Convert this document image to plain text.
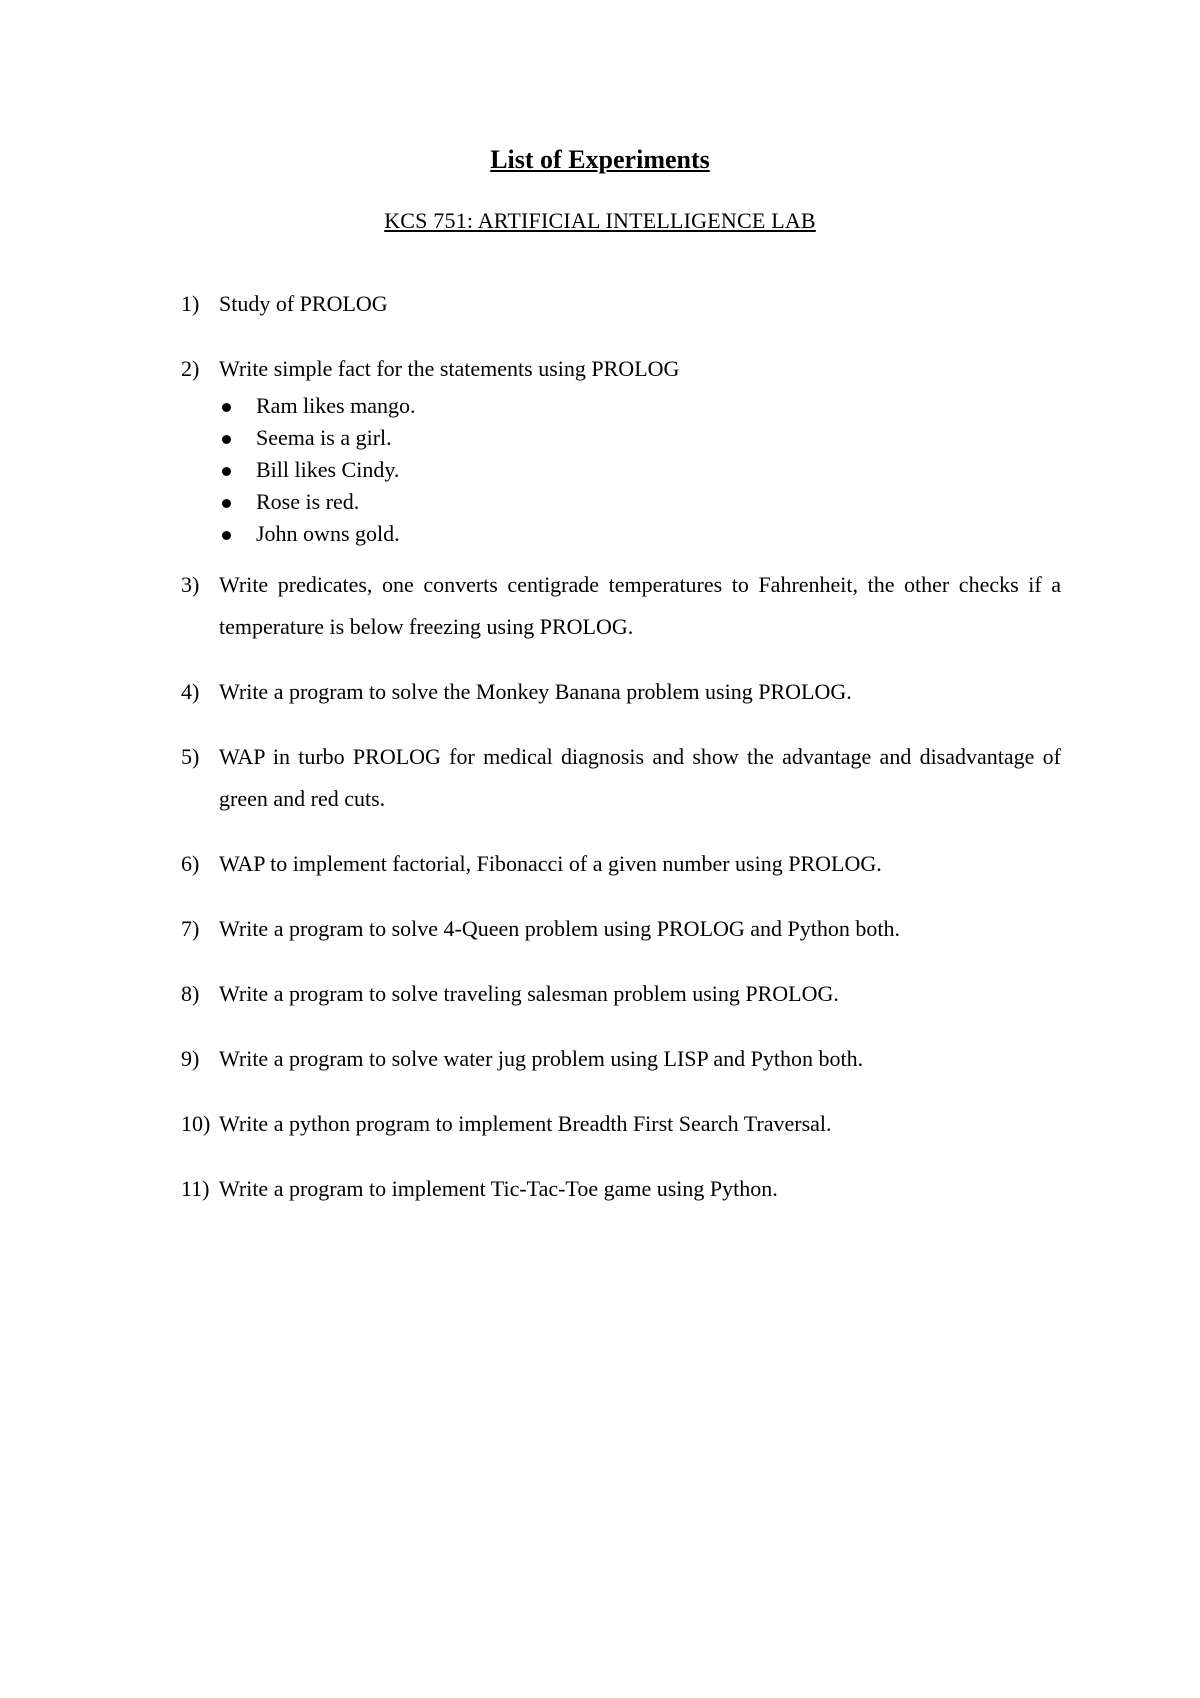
List of Experiments
KCS 751: ARTIFICIAL INTELLIGENCE LAB
1) Study of PROLOG
2) Write simple fact for the statements using PROLOG
Ram likes mango.
Seema is a girl.
Bill likes Cindy.
Rose is red.
John owns gold.
3) Write predicates, one converts centigrade temperatures to Fahrenheit, the other checks if a temperature is below freezing using PROLOG.
4) Write a program to solve the Monkey Banana problem using PROLOG.
5) WAP in turbo PROLOG for medical diagnosis and show the advantage and disadvantage of green and red cuts.
6) WAP to implement factorial, Fibonacci of a given number using PROLOG.
7) Write a program to solve 4-Queen problem using PROLOG and Python both.
8) Write a program to solve traveling salesman problem using PROLOG.
9) Write a program to solve water jug problem using LISP and Python both.
10) Write a python program to implement Breadth First Search Traversal.
11) Write a program to implement Tic-Tac-Toe game using Python.
